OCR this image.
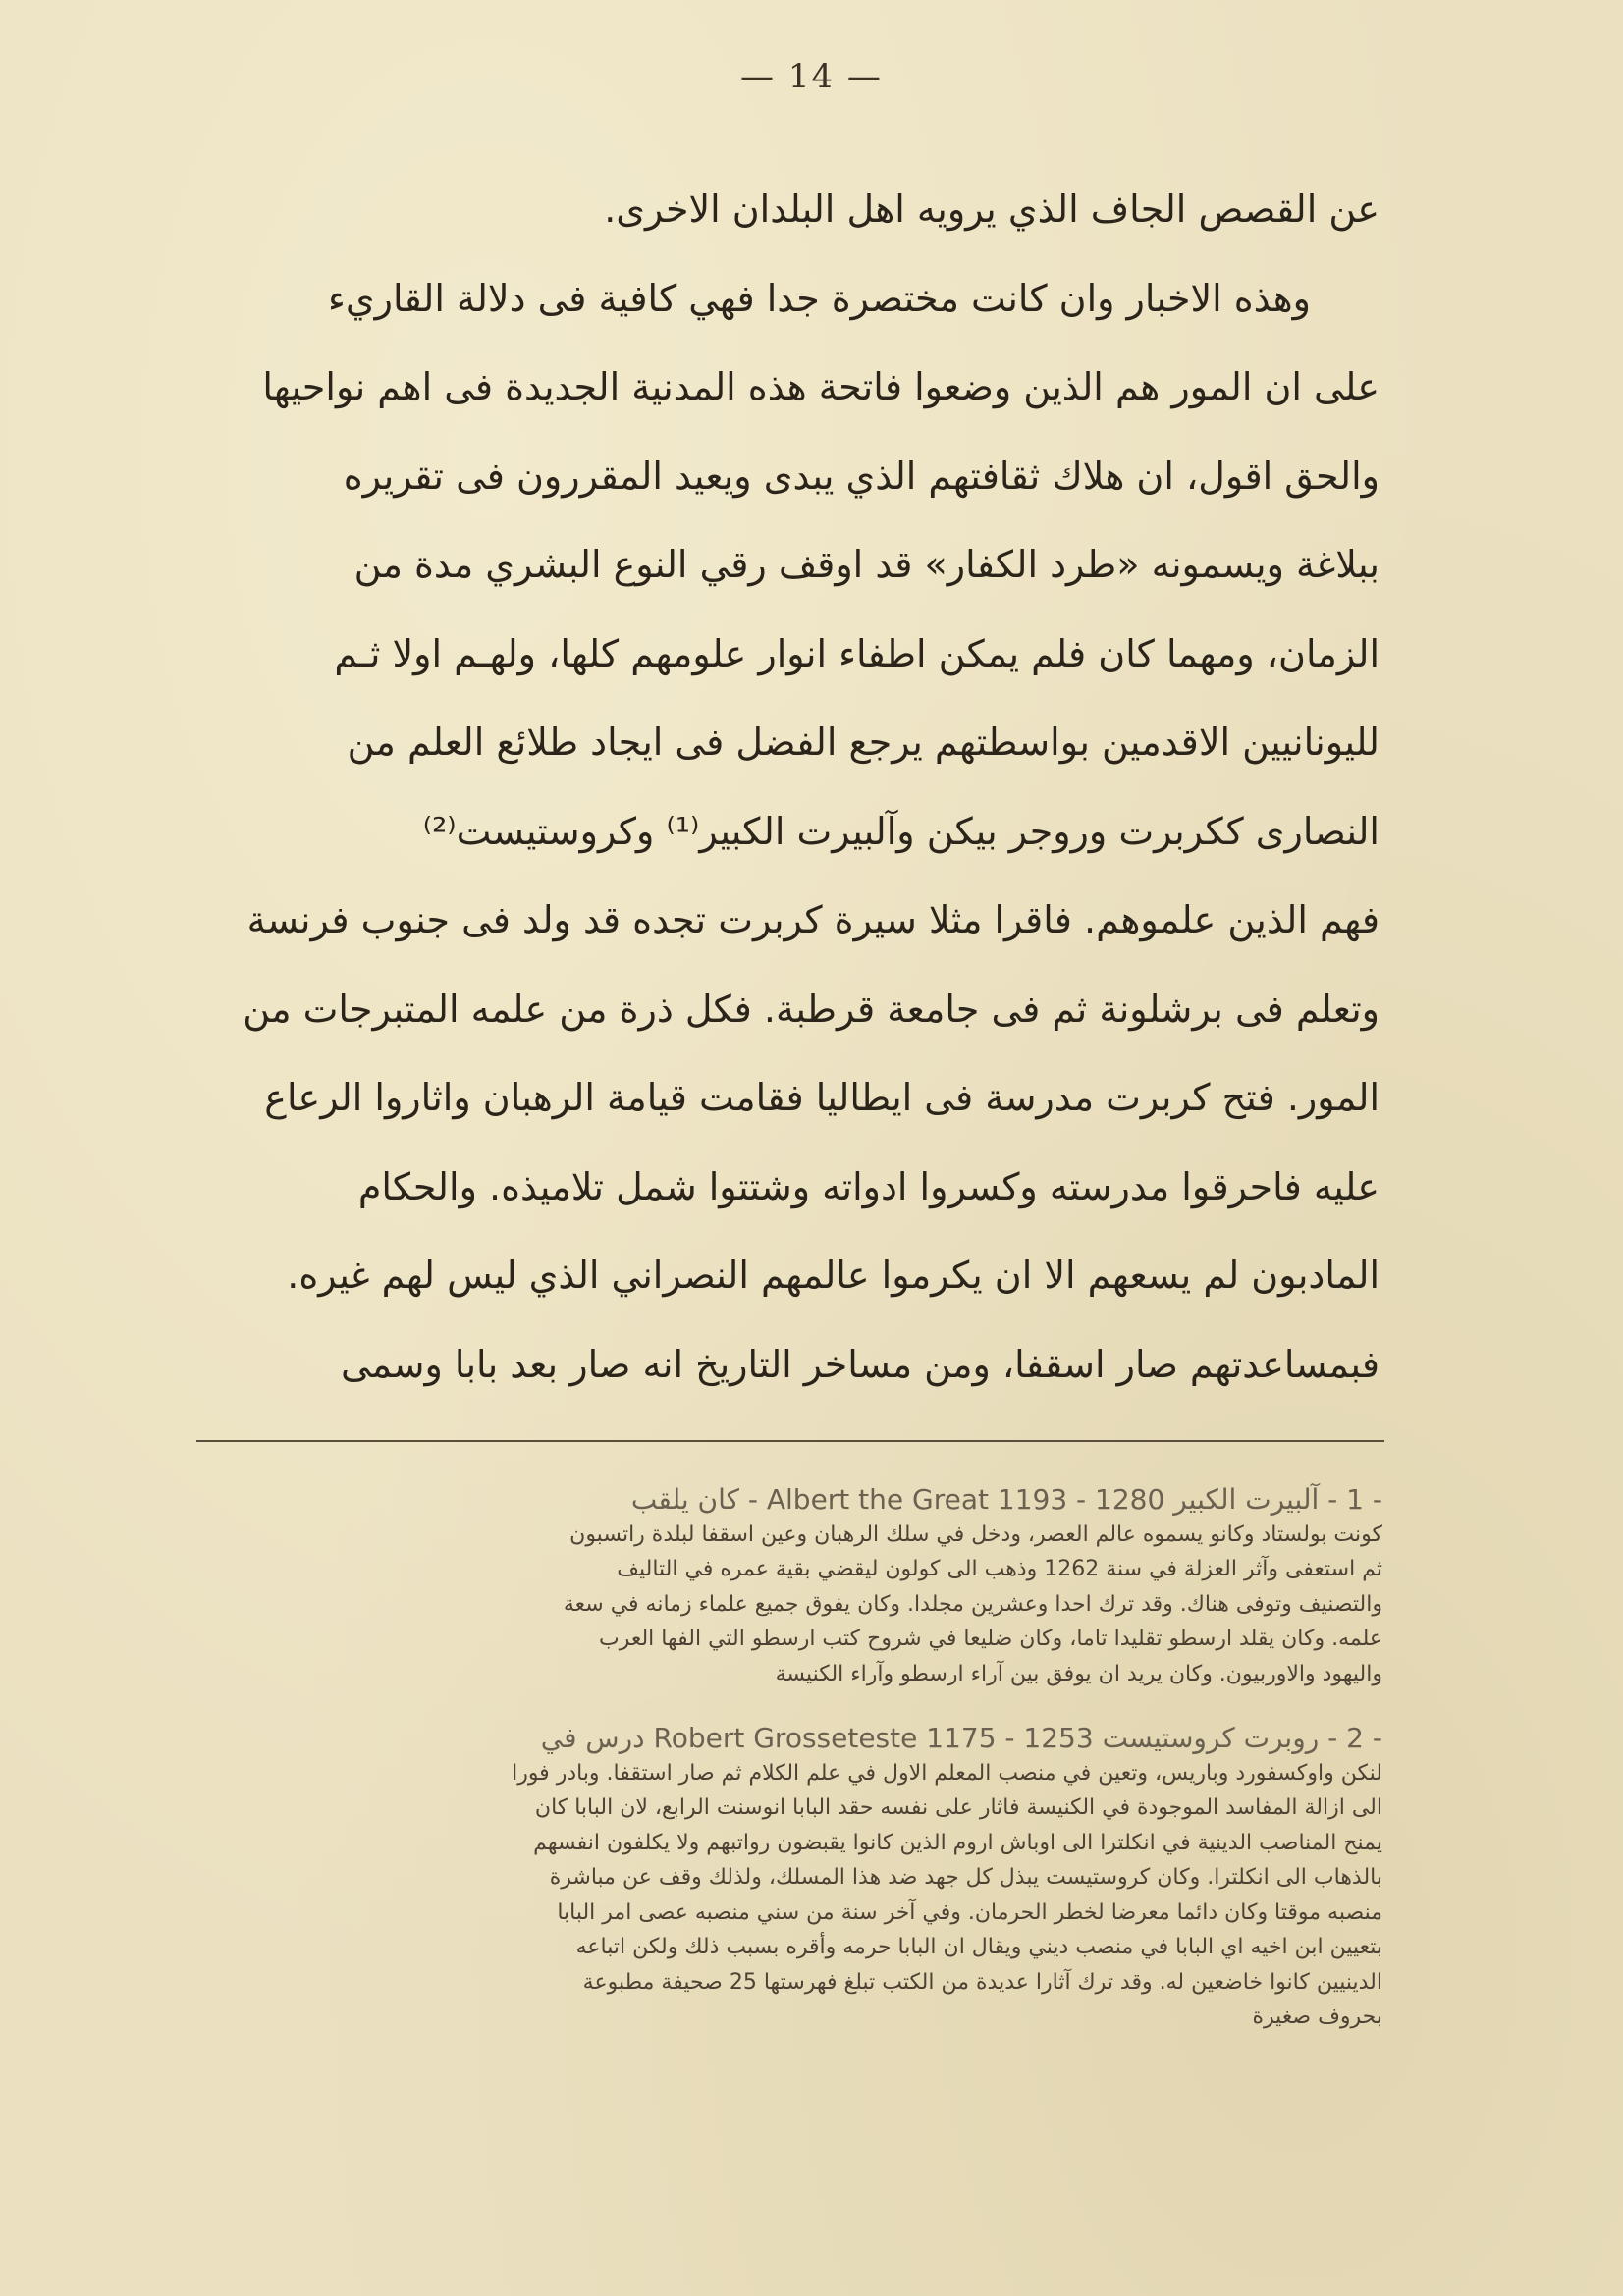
— 14 —
عن القصص الجاف الذي يرويه اهل البلدان الاخرى.
وهذه الاخبار وان كانت مختصرة جدا فهي كافية فى دلالة القاريء
على ان المور هم الذين وضعوا فاتحة هذه المدنية الجديدة فى اهم نواحيها
والحق اقول، ان هلاك ثقافتهم الذي يبدى ويعيد المقررون فى تقريره
ببلاغة ويسمونه «طرد الكفار» قد اوقف رقي النوع البشري مدة من
الزمان، ومهما كان فلم يمكن اطفاء انوار علومهم كلها، ولهـم اولا ثـم
لليونانيين الاقدمين بواسطتهم يرجع الفضل فى ايجاد طلائع العلم من
النصارى ككربرت وروجر بيكن وآلبيرت الكبير⁽¹⁾ وكروستيست⁽²⁾
فهم الذين علموهم. فاقرا مثلا سيرة كربرت تجده قد ولد فى جنوب فرنسة
وتعلم فى برشلونة ثم فى جامعة قرطبة. فكل ذرة من علمه المتبرجات من
المور. فتح كربرت مدرسة فى ايطاليا فقامت قيامة الرهبان واثاروا الرعاع
عليه فاحرقوا مدرسته وكسروا ادواته وشتتوا شمل تلاميذه. والحكام
المادبون لم يسعهم الا ان يكرموا عالمهم النصراني الذي ليس لهم غيره.
فبمساعدتهم صار اسقفا، ومن مساخر التاريخ انه صار بعد بابا وسمى
- 1 - آلبيرت الكبير Albert the Great 1193 - 1280 - كان يلقب
كونت بولستاد وكانو يسموه عالم العصر، ودخل في سلك الرهبان وعين اسقفا لبلدة راتسبون
ثم استعفى وآثر العزلة في سنة 1262 وذهب الى كولون ليقضي بقية عمره في التاليف
والتصنيف وتوفى هناك. وقد ترك احدا وعشرين مجلدا. وكان يفوق جميع علماء زمانه في سعة
علمه. وكان يقلد ارسطو تقليدا تاما، وكان ضليعا في شروح كتب ارسطو التي الفها العرب
واليهود والاوربيون. وكان يريد ان يوفق بين آراء ارسطو وآراء الكنيسة
- 2 - روبرت كروستيست Robert Grosseteste 1175 - 1253 درس في
لنكن واوكسفورد وباريس، وتعين في منصب المعلم الاول في علم الكلام ثم صار استقفا. وبادر فورا
الى ازالة المفاسد الموجودة في الكنيسة فاثار على نفسه حقد البابا انوسنت الرابع، لان البابا كان
يمنح المناصب الدينية في انكلترا الى اوباش اروم الذين كانوا يقبضون رواتبهم ولا يكلفون انفسهم
بالذهاب الى انكلترا. وكان كروستيست يبذل كل جهد ضد هذا المسلك، ولذلك وقف عن مباشرة
منصبه موقتا وكان دائما معرضا لخطر الحرمان. وفي آخر سنة من سني منصبه عصى امر البابا
بتعيين ابن اخيه اي البابا في منصب ديني ويقال ان البابا حرمه وأقره بسبب ذلك ولكن اتباعه
الدينيين كانوا خاضعين له. وقد ترك آثارا عديدة من الكتب تبلغ فهرستها 25 صحيفة مطبوعة
بحروف صغيرة
